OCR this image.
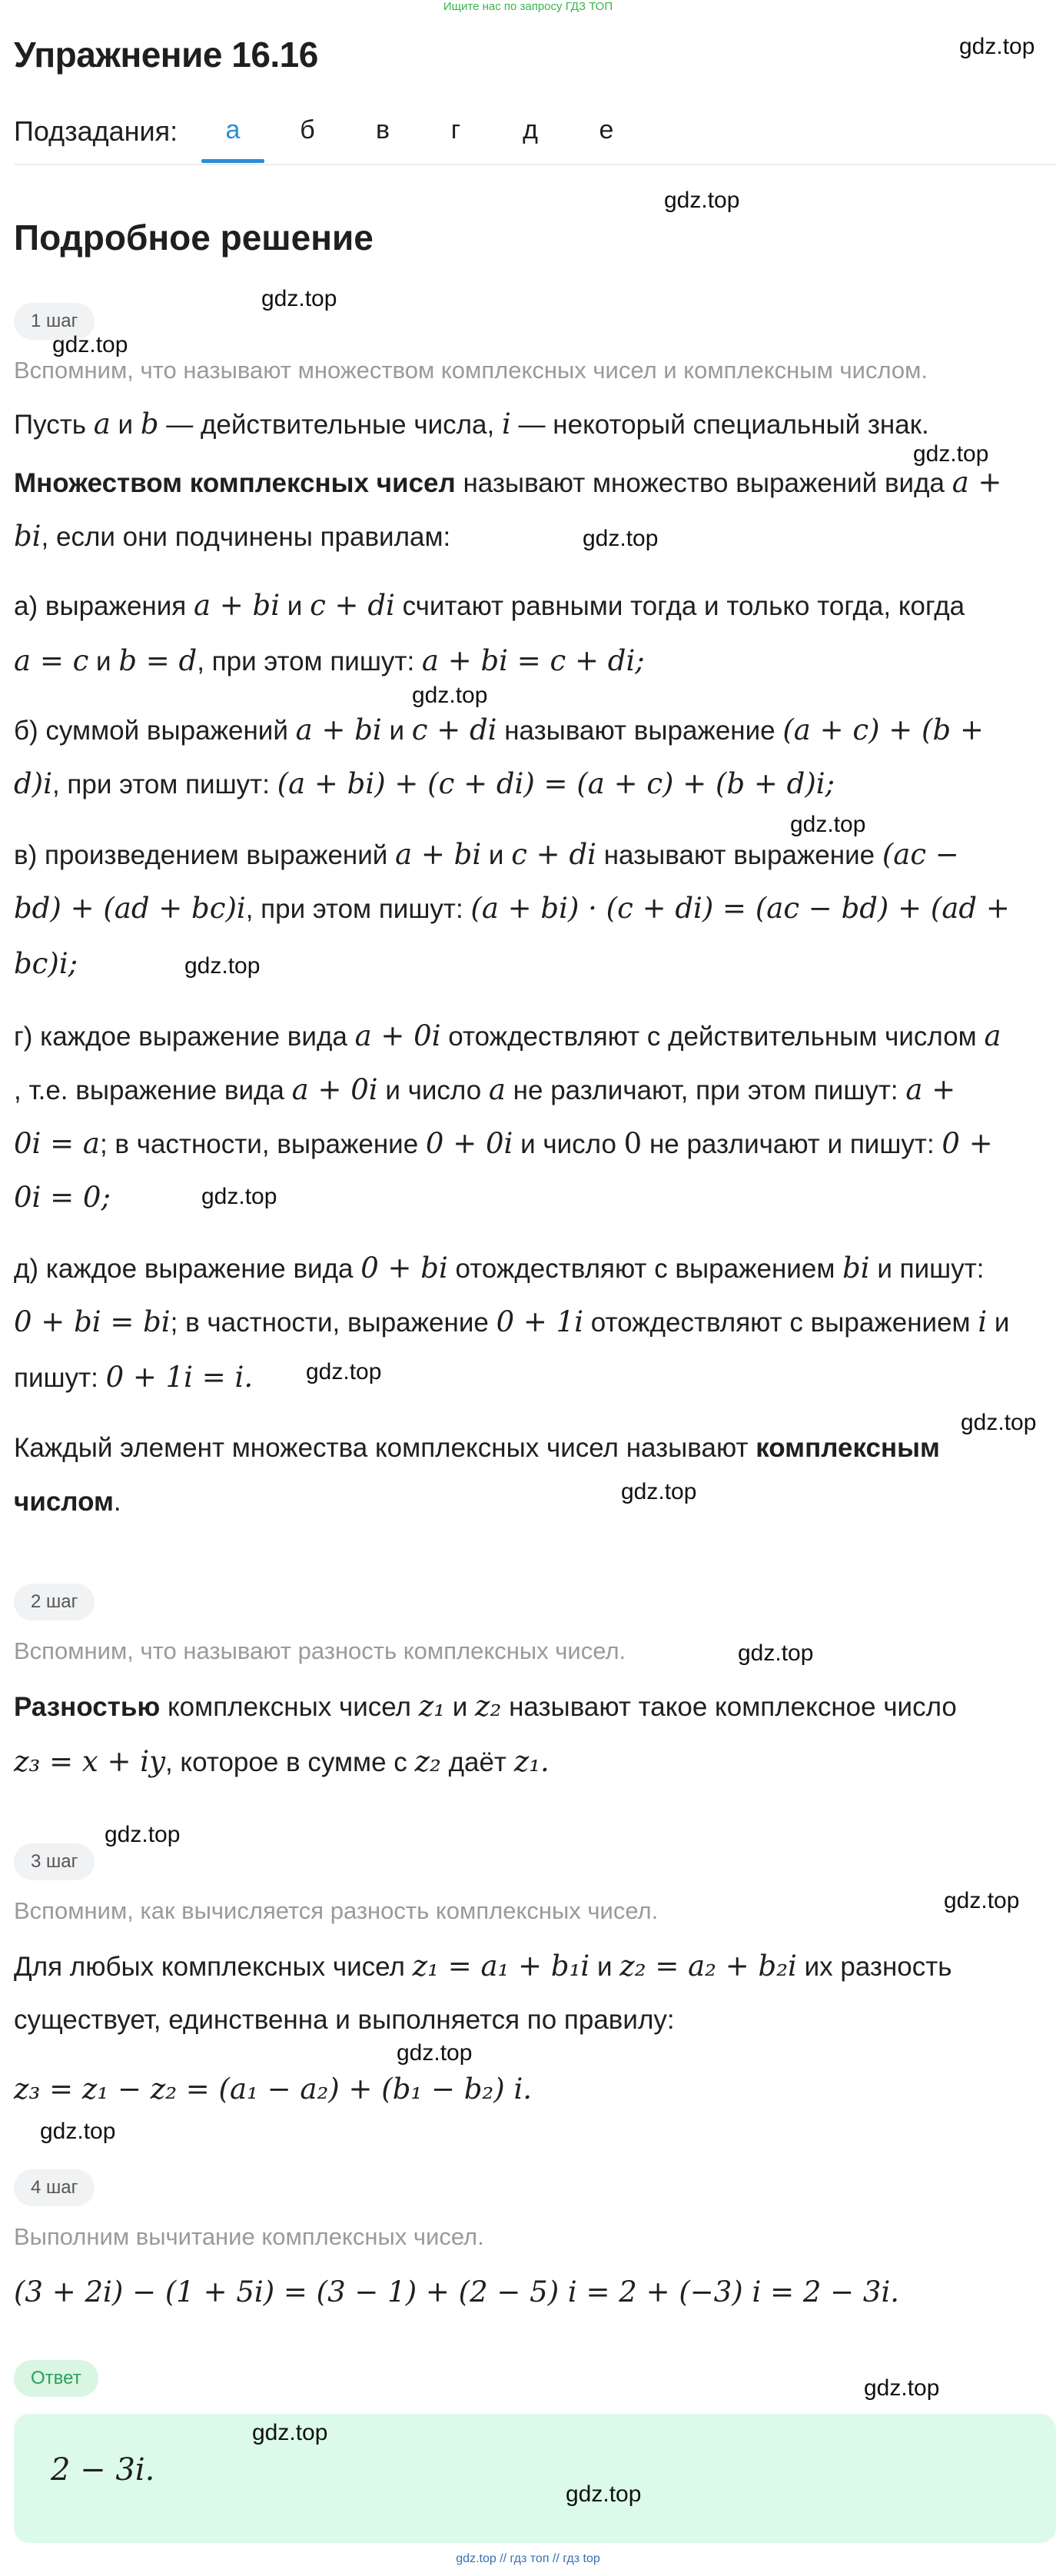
Ищите нас по запросу ГДЗ ТОП
Упражнение 16.16
Подзадания:	а	б	в	г	д	е
Подробное решение
1 шаг
Вспомним, что называют множеством комплексных чисел и комплексным числом.
Пусть a и b — действительные числа, i — некоторый специальный знак.
Множеством комплексных чисел называют множество выражений вида a +
bi, если они подчинены правилам:
а) выражения a + bi и c + di считают равными тогда и только тогда, когда
a = c и b = d, при этом пишут: a + bi = c + di;
б) суммой выражений a + bi и c + di называют выражение (a + c) + (b +
d)i, при этом пишут: (a + bi) + (c + di) = (a + c) + (b + d)i;
в) произведением выражений a + bi и c + di называют выражение (ac −
bd) + (ad + bc)i, при этом пишут: (a + bi) · (c + di) = (ac − bd) + (ad +
bc)i;
г) каждое выражение вида a + 0i отождествляют с действительным числом a
, т.е. выражение вида a + 0i и число a не различают, при этом пишут: a +
0i = a; в частности, выражение 0 + 0i и число 0 не различают и пишут: 0 +
0i = 0;
д) каждое выражение вида 0 + bi отождествляют с выражением bi и пишут:
0 + bi = bi; в частности, выражение 0 + 1i отождествляют с выражением i и
пишут: 0 + 1i = i.
Каждый элемент множества комплексных чисел называют комплексным
числом.
2 шаг
Вспомним, что называют разность комплексных чисел.
Разностью комплексных чисел z₁ и z₂ называют такое комплексное число
z₃ = x + iy, которое в сумме с z₂ даёт z₁.
3 шаг
Вспомним, как вычисляется разность комплексных чисел.
Для любых комплексных чисел z₁ = a₁ + b₁i и z₂ = a₂ + b₂i их разность
существует, единственна и выполняется по правилу:
z₃ = z₁ − z₂ = (a₁ − a₂) + (b₁ − b₂) i.
4 шаг
Выполним вычитание комплексных чисел.
(3 + 2i) − (1 + 5i) = (3 − 1) + (2 − 5) i = 2 + (−3) i = 2 − 3i.
Ответ
2 − 3i.
gdz.top // гдз топ // гдз top
gdz.top
gdz.top
gdz.top
gdz.top
gdz.top
gdz.top
gdz.top
gdz.top
gdz.top
gdz.top
gdz.top
gdz.top
gdz.top
gdz.top
gdz.top
gdz.top
gdz.top
gdz.top
gdz.top
gdz.top
gdz.top
